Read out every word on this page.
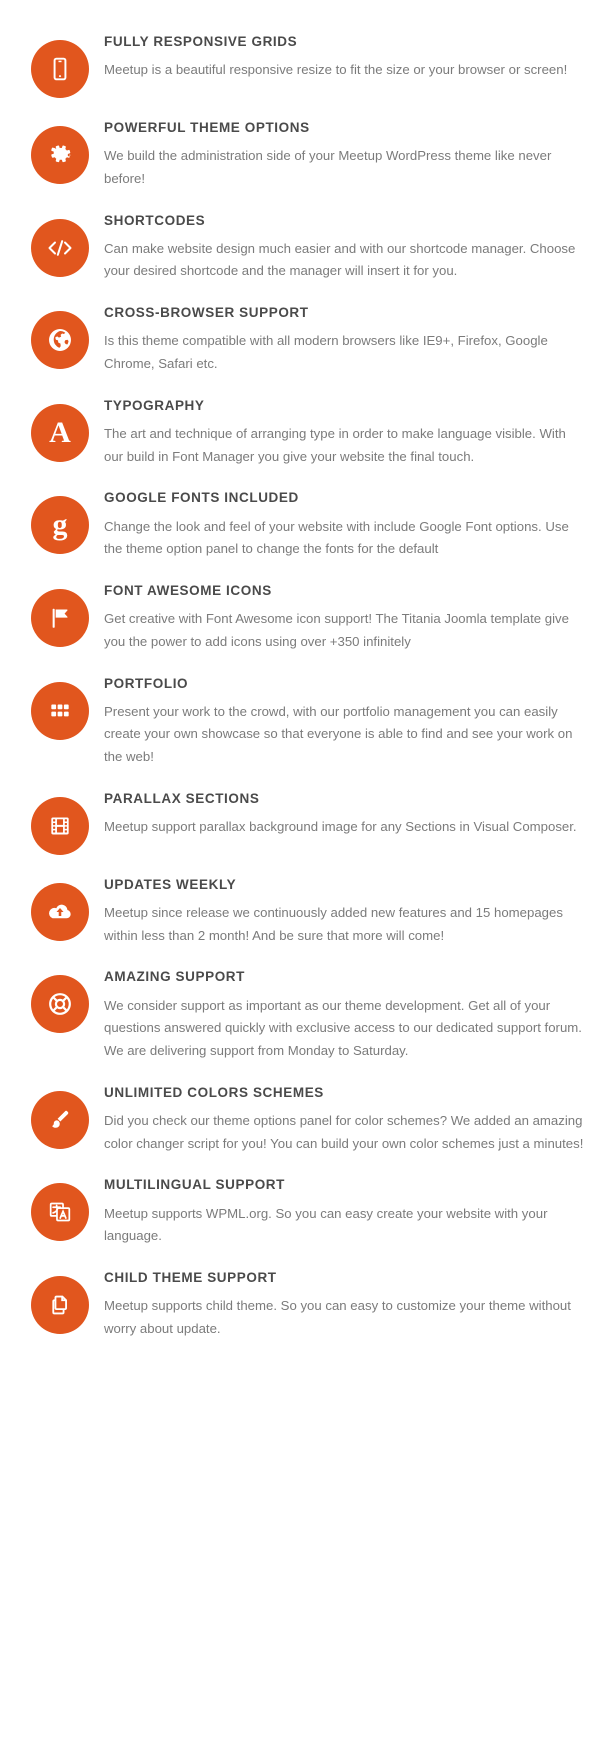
FULLY RESPONSIVE GRIDS

Meetup is a beautiful responsive resize to fit the size or your browser or screen!

POWERFUL THEME OPTIONS

We build the administration side of your Meetup WordPress theme like never before!

SHORTCODES

Can make website design much easier and with our shortcode manager. Choose your desired shortcode and the manager will insert it for you.

CROSS-BROWSER SUPPORT

Is this theme compatible with all modern browsers like IE9+, Firefox, Google Chrome, Safari etc.

A
TYPOGRAPHY

The art and technique of arranging type in order to make language visible. With our build in Font Manager you give your website the final touch.

g
GOOGLE FONTS INCLUDED

Change the look and feel of your website with include Google Font options. Use the theme option panel to change the fonts for the default

FONT AWESOME ICONS

Get creative with Font Awesome icon support! The Titania Joomla template give you the power to add icons using over +350 infinitely

PORTFOLIO

Present your work to the crowd, with our portfolio management you can easily create your own showcase so that everyone is able to find and see your work on the web!

PARALLAX SECTIONS

Meetup support parallax background image for any Sections in Visual Composer.

UPDATES WEEKLY

Meetup since release we continuously added new features and 15 homepages within less than 2 month! And be sure that more will come!

AMAZING SUPPORT

We consider support as important as our theme development. Get all of your questions answered quickly with exclusive access to our dedicated support forum. We are delivering support from Monday to Saturday.

UNLIMITED COLORS SCHEMES

Did you check our theme options panel for color schemes? We added an amazing color changer script for you! You can build your own color schemes just a minutes!

MULTILINGUAL SUPPORT

Meetup supports WPML.org. So you can easy create your website with your language.

CHILD THEME SUPPORT

Meetup supports child theme. So you can easy to customize your theme without worry about update.
